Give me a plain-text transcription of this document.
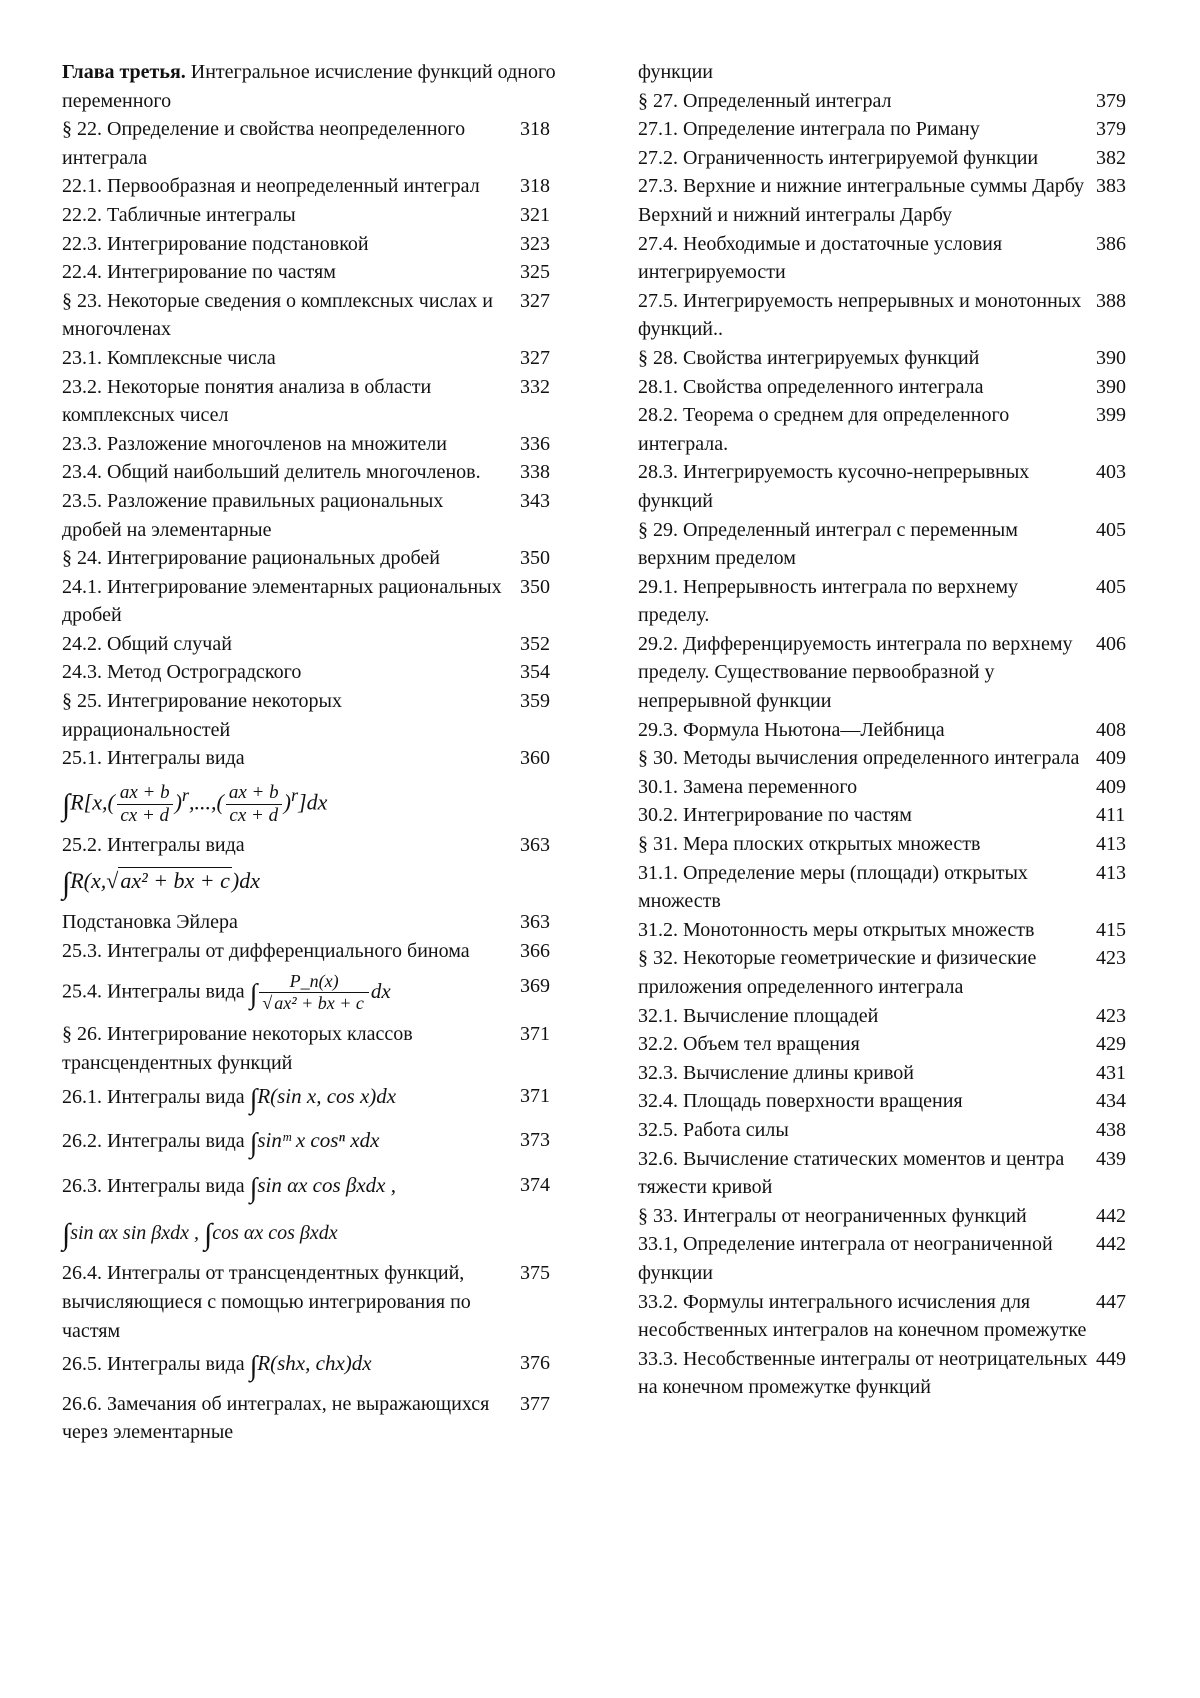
Глава третья. Интегральное исчисление функций одного переменного
§ 22. Определение и свойства неопределенного интеграла
318
22.1. Первообразная и неопределенный интеграл	318
22.2. Табличные интегралы	321
22.3. Интегрирование подстановкой	323
22.4. Интегрирование по частям	325
§ 23. Некоторые сведения о комплексных числах и многочленах
327
23.1. Комплексные числа	327
23.2. Некоторые понятия анализа в области комплексных чисел
332
23.3. Разложение многочленов на множители	336
23.4. Общий наибольший делитель многочленов.	338
23.5. Разложение правильных рациональных дробей на элементарные
343
§ 24. Интегрирование рациональных дробей	350
24.1. Интегрирование элементарных рациональных дробей
350
24.2. Общий случай	352
24.3. Метод Остроградского	354
§ 25. Интегрирование некоторых иррациональностей
359
25.1. Интегралы вида	360
$\int R[x,( \frac{ax + b}{cx + d} )^r,...,( \frac{ax + b}{cx + d} )^r]dx$
25.2. Интегралы вида	363
∫R(x,√ax² + bx + c)dx
Подстановка Эйлера	363
25.3. Интегралы от дифференциального бинома	366
25.4. Интегралы вида ∫ $\frac{P\_n(x)}{\text{√ ax² + bx + c}}$ dx	369
§ 26. Интегрирование некоторых классов трансцендентных функций
371
26.1. Интегралы вида ∫R(sin x, cos x)dx	371
26.2. Интегралы вида ∫sinᵐ x cosⁿ xdx	373
26.3. Интегралы вида ∫sin αx cos βxdx ,	374
∫sin αx sin βxdx , ∫cos αx cos βxdx
26.4. Интегралы от трансцендентных функций, вычисляющиеся с помощью интегрирования по частям
375
26.5. Интегралы вида ∫R(shx, chx)dx	376
26.6. Замечания об интегралах, не выражающихся через элементарные
377
функции
§ 27. Определенный интеграл	379
27.1. Определение интеграла по Риману	379
27.2. Ограниченность интегрируемой функции	382
27.3. Верхние и нижние интегральные суммы Дарбу Верхний и нижний интегралы Дарбу
383
27.4. Необходимые и достаточные условия интегрируемости
386
27.5. Интегрируемость непрерывных и монотонных функций..
388
§ 28. Свойства интегрируемых функций	390
28.1. Свойства определенного интеграла	390
28.2. Теорема о среднем для определенного интеграла.
399
28.3. Интегрируемость кусочно-непрерывных функций
403
§ 29. Определенный интеграл с переменным верхним пределом
405
29.1. Непрерывность интеграла по верхнему пределу.
405
29.2. Дифференцируемость интеграла по верхнему пределу. Существование первообразной у непрерывной функции
406
29.3. Формула Ньютона—Лейбница	408
§ 30. Методы вычисления определенного интеграла 409
30.1. Замена переменного	409
30.2. Интегрирование по частям	411
§ 31. Мера плоских открытых множеств	413
31.1. Определение меры (площади) открытых множеств
413
31.2. Монотонность меры открытых множеств	415
§ 32. Некоторые геометрические и физические приложения определенного интеграла
423
32.1. Вычисление площадей	423
32.2. Объем тел вращения	429
32.3. Вычисление длины кривой	431
32.4. Площадь поверхности вращения	434
32.5. Работа силы	438
32.6. Вычисление статических моментов и центра тяжести кривой
439
§ 33. Интегралы от неограниченных функций	442
33.1, Определение интеграла от неограниченной функции
442
33.2. Формулы интегрального исчисления для несобственных интегралов на конечном промежутке
447
33.3. Несобственные интегралы от неотрицательных на конечном промежутке функций
449
